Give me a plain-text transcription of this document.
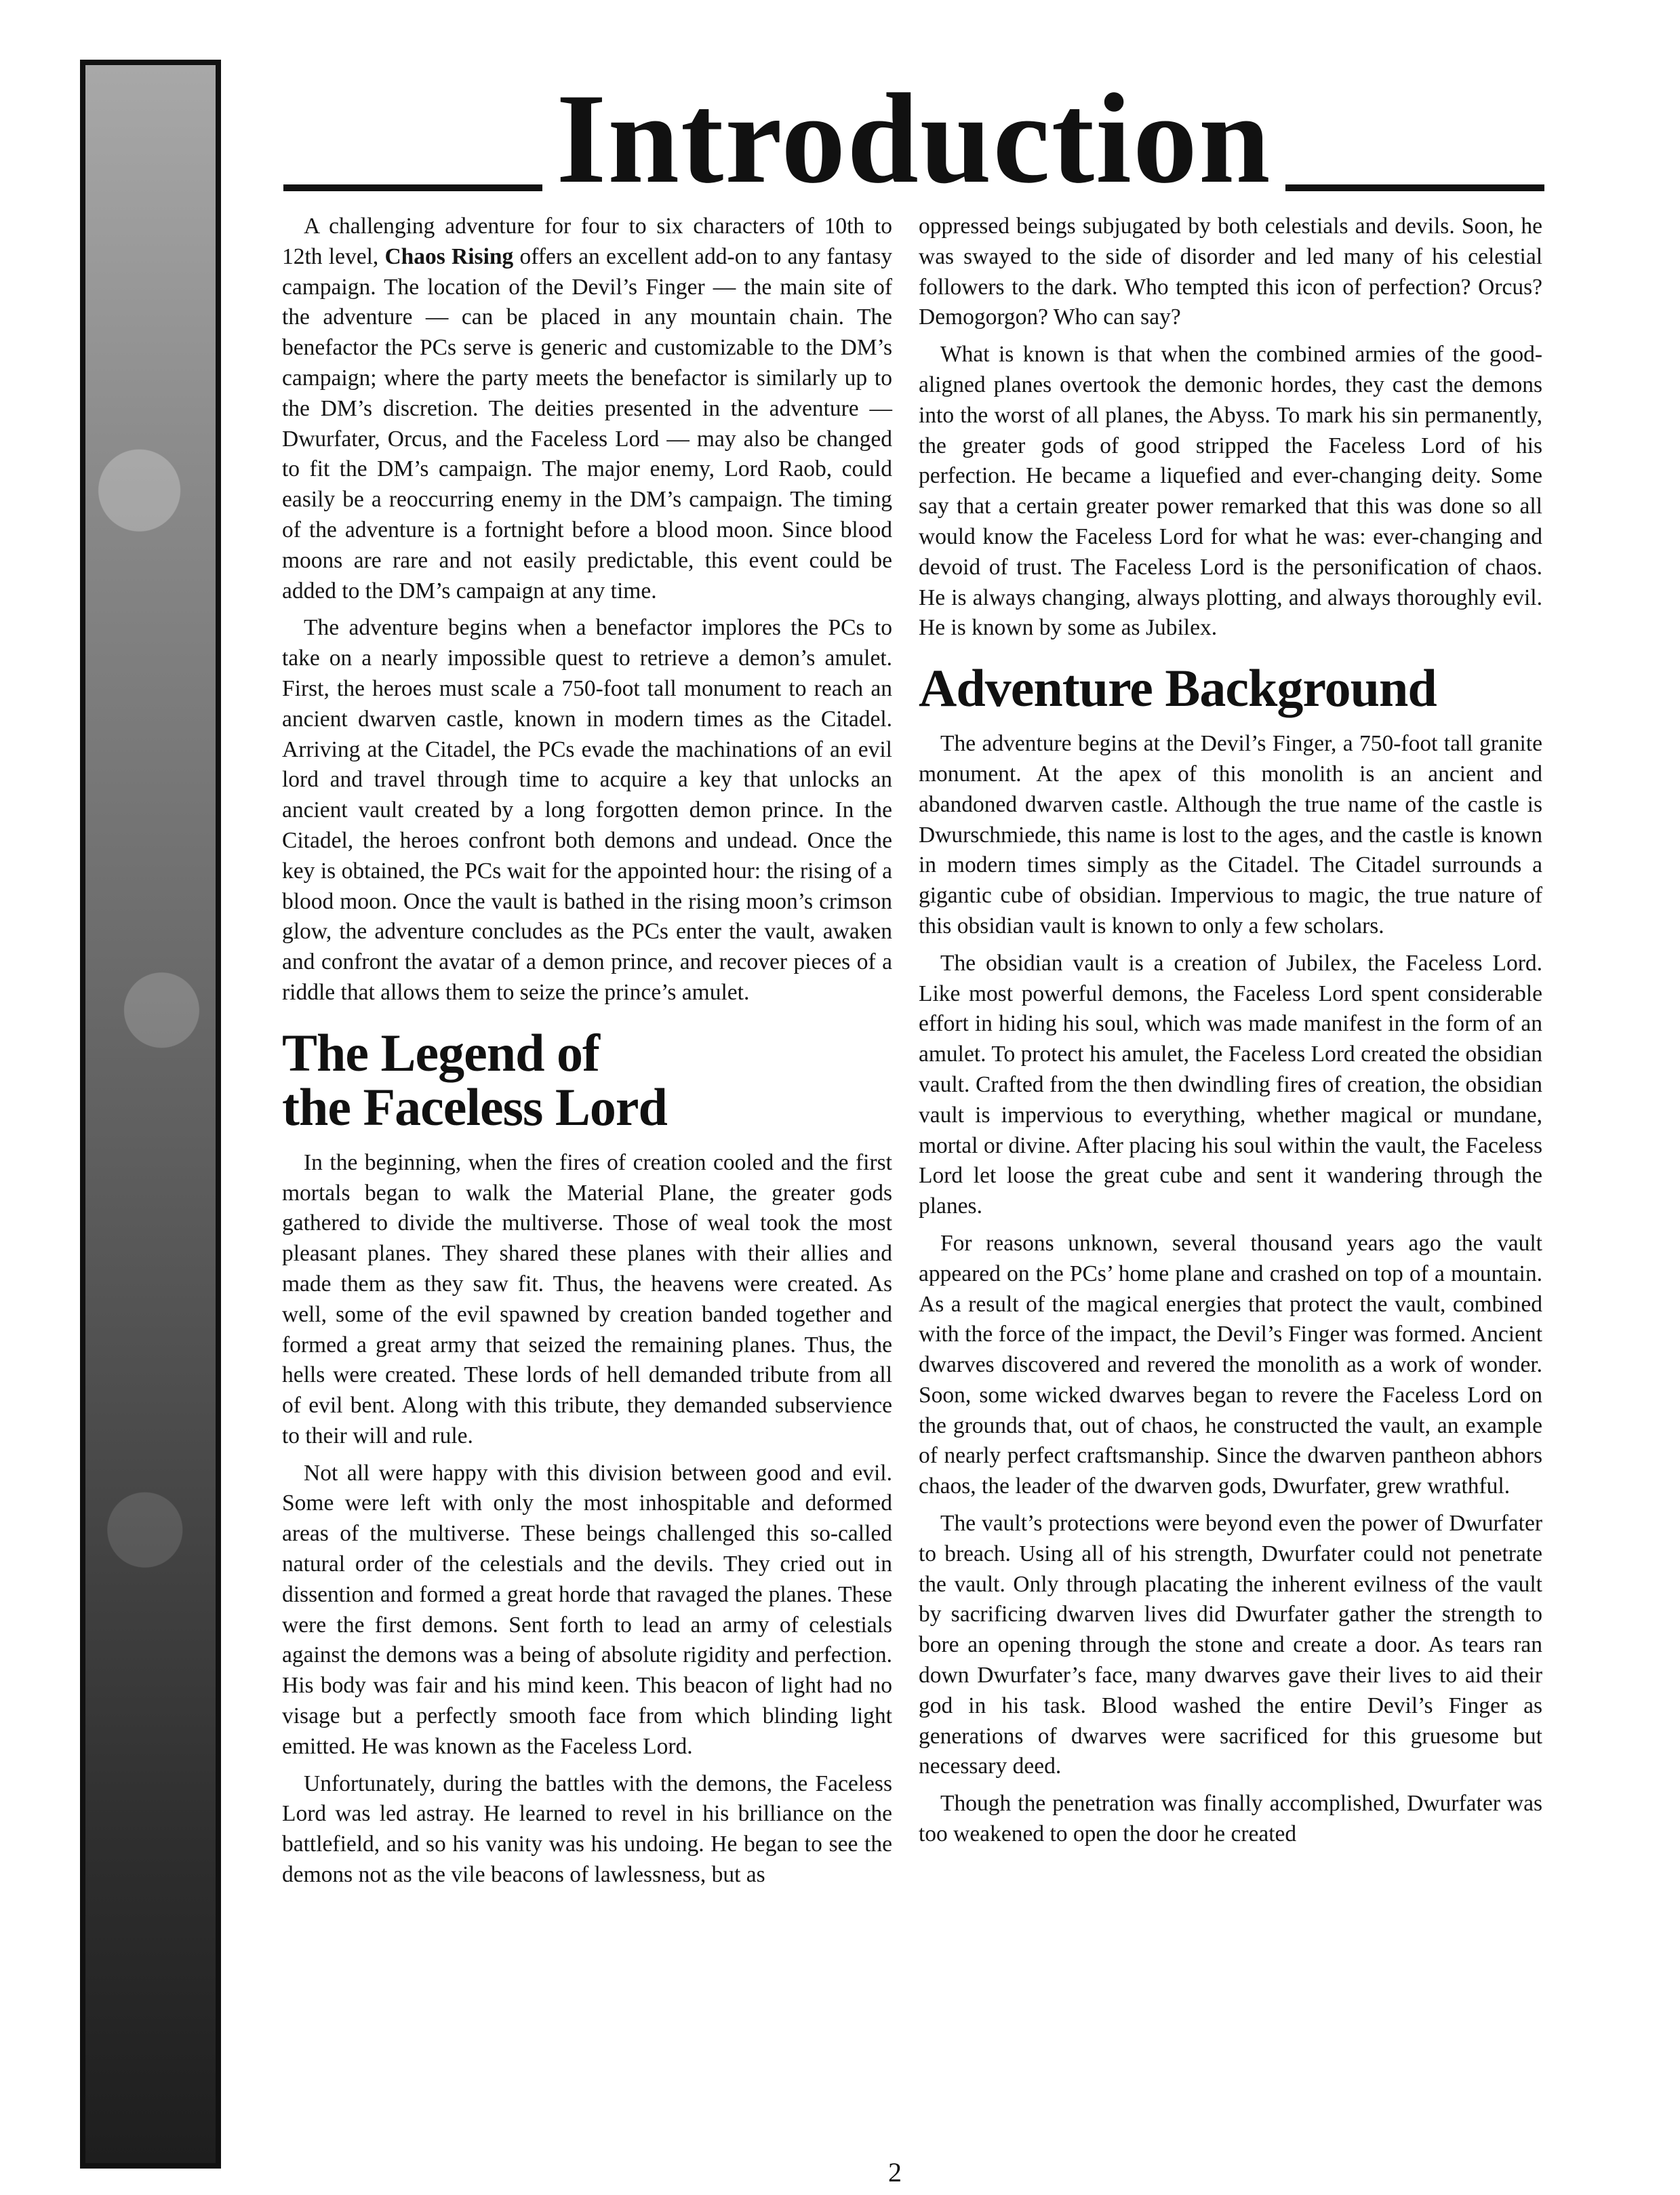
Introduction

A challenging adventure for four to six characters of 10th to 12th level, Chaos Rising offers an excellent add-on to any fantasy campaign. The location of the Devil’s Finger — the main site of the adventure — can be placed in any mountain chain. The benefactor the PCs serve is generic and customizable to the DM’s campaign; where the party meets the benefactor is similarly up to the DM’s discretion. The deities presented in the adventure — Dwurfater, Orcus, and the Faceless Lord — may also be changed to fit the DM’s campaign. The major enemy, Lord Raob, could easily be a reoccurring enemy in the DM’s campaign. The timing of the adventure is a fortnight before a blood moon. Since blood moons are rare and not easily predictable, this event could be added to the DM’s campaign at any time.

The adventure begins when a benefactor implores the PCs to take on a nearly impossible quest to retrieve a demon’s amulet. First, the heroes must scale a 750-foot tall monument to reach an ancient dwarven castle, known in modern times as the Citadel. Arriving at the Citadel, the PCs evade the machinations of an evil lord and travel through time to acquire a key that unlocks an ancient vault created by a long forgotten demon prince. In the Citadel, the heroes confront both demons and undead. Once the key is obtained, the PCs wait for the appointed hour: the rising of a blood moon. Once the vault is bathed in the rising moon’s crimson glow, the adventure concludes as the PCs enter the vault, awaken and confront the avatar of a demon prince, and recover pieces of a riddle that allows them to seize the prince’s amulet.

The Legend of
the Faceless Lord

In the beginning, when the fires of creation cooled and the first mortals began to walk the Material Plane, the greater gods gathered to divide the multiverse. Those of weal took the most pleasant planes. They shared these planes with their allies and made them as they saw fit. Thus, the heavens were created. As well, some of the evil spawned by creation banded together and formed a great army that seized the remaining planes. Thus, the hells were created. These lords of hell demanded tribute from all of evil bent. Along with this tribute, they demanded subservience to their will and rule.

Not all were happy with this division between good and evil. Some were left with only the most inhospitable and deformed areas of the multiverse. These beings challenged this so-called natural order of the celestials and the devils. They cried out in dissention and formed a great horde that ravaged the planes. These were the first demons. Sent forth to lead an army of celestials against the demons was a being of absolute rigidity and perfection. His body was fair and his mind keen. This beacon of light had no visage but a perfectly smooth face from which blinding light emitted. He was known as the Faceless Lord.

Unfortunately, during the battles with the demons, the Faceless Lord was led astray. He learned to revel in his brilliance on the battlefield, and so his vanity was his undoing. He began to see the demons not as the vile beacons of lawlessness, but as

oppressed beings subjugated by both celestials and devils. Soon, he was swayed to the side of disorder and led many of his celestial followers to the dark. Who tempted this icon of perfection? Orcus? Demogorgon? Who can say?

What is known is that when the combined armies of the good-aligned planes overtook the demonic hordes, they cast the demons into the worst of all planes, the Abyss. To mark his sin permanently, the greater gods of good stripped the Faceless Lord of his perfection. He became a liquefied and ever-changing deity. Some say that a certain greater power remarked that this was done so all would know the Faceless Lord for what he was: ever-changing and devoid of trust. The Faceless Lord is the personification of chaos. He is always changing, always plotting, and always thoroughly evil. He is known by some as Jubilex.

Adventure Background

The adventure begins at the Devil’s Finger, a 750-foot tall granite monument. At the apex of this monolith is an ancient and abandoned dwarven castle. Although the true name of the castle is Dwurschmiede, this name is lost to the ages, and the castle is known in modern times simply as the Citadel. The Citadel surrounds a gigantic cube of obsidian. Impervious to magic, the true nature of this obsidian vault is known to only a few scholars.

The obsidian vault is a creation of Jubilex, the Faceless Lord. Like most powerful demons, the Faceless Lord spent considerable effort in hiding his soul, which was made manifest in the form of an amulet. To protect his amulet, the Faceless Lord created the obsidian vault. Crafted from the then dwindling fires of creation, the obsidian vault is impervious to everything, whether magical or mundane, mortal or divine. After placing his soul within the vault, the Faceless Lord let loose the great cube and sent it wandering through the planes.

For reasons unknown, several thousand years ago the vault appeared on the PCs’ home plane and crashed on top of a mountain. As a result of the magical energies that protect the vault, combined with the force of the impact, the Devil’s Finger was formed. Ancient dwarves discovered and revered the monolith as a work of wonder. Soon, some wicked dwarves began to revere the Faceless Lord on the grounds that, out of chaos, he constructed the vault, an example of nearly perfect craftsmanship. Since the dwarven pantheon abhors chaos, the leader of the dwarven gods, Dwurfater, grew wrathful.

The vault’s protections were beyond even the power of Dwurfater to breach. Using all of his strength, Dwurfater could not penetrate the vault. Only through placating the inherent evilness of the vault by sacrificing dwarven lives did Dwurfater gather the strength to bore an opening through the stone and create a door. As tears ran down Dwurfater’s face, many dwarves gave their lives to aid their god in his task. Blood washed the entire Devil’s Finger as generations of dwarves were sacrificed for this gruesome but necessary deed.

Though the penetration was finally accomplished, Dwurfater was too weakened to open the door he created

2
